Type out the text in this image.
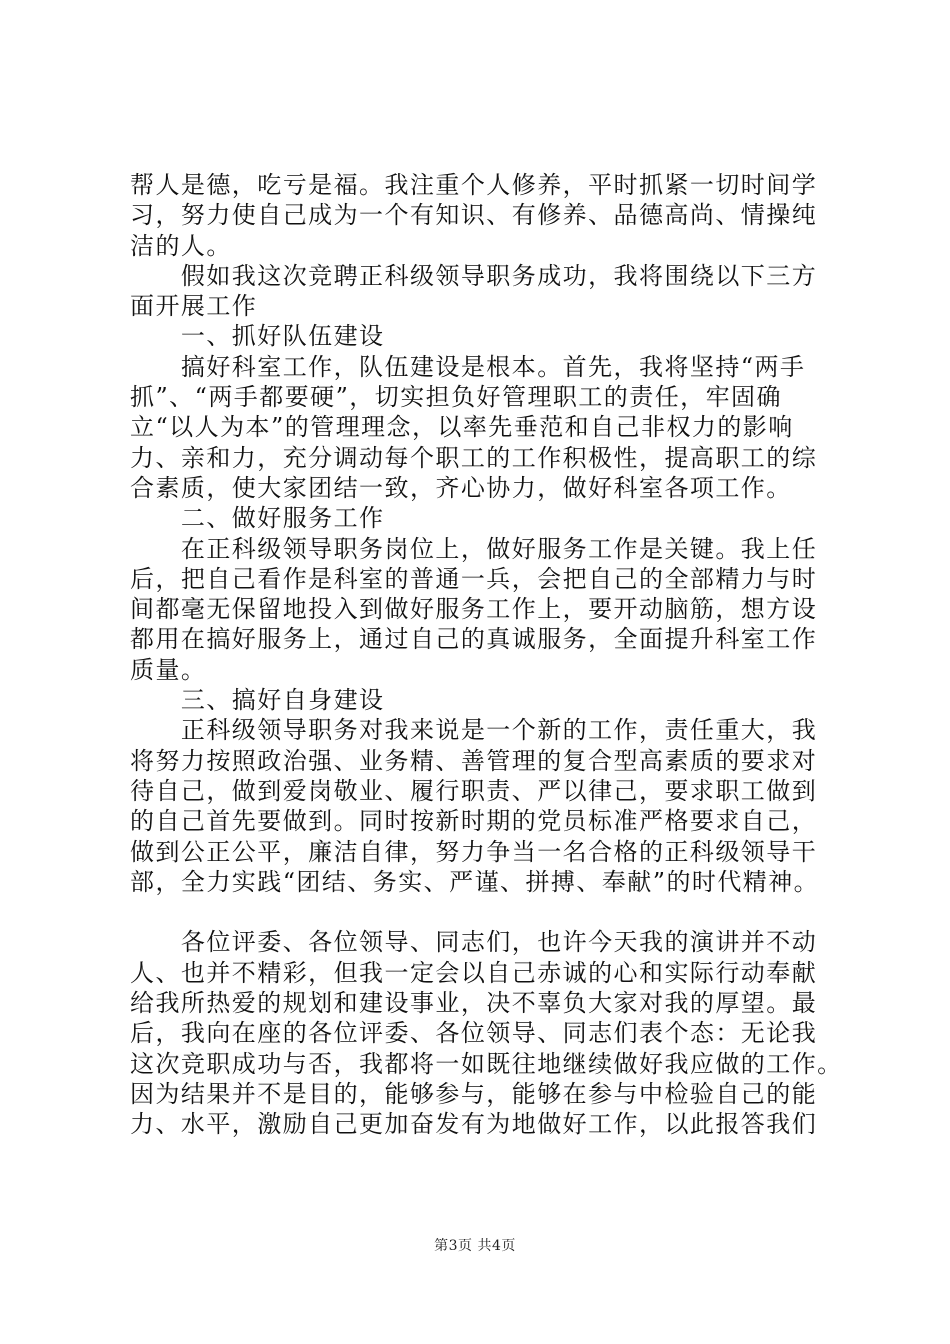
帮人是德，吃亏是福。我注重个人修养，平时抓紧一切时间学
习，努力使自己成为一个有知识、有修养、品德高尚、情操纯
洁的人。
　　假如我这次竞聘正科级领导职务成功，我将围绕以下三方
面开展工作
　　一、抓好队伍建设
　　搞好科室工作，队伍建设是根本。首先，我将坚持“两手
抓”、“两手都要硬”，切实担负好管理职工的责任，牢固确
立“以人为本”的管理理念，以率先垂范和自己非权力的影响
力、亲和力，充分调动每个职工的工作积极性，提高职工的综
合素质，使大家团结一致，齐心协力，做好科室各项工作。
　　二、做好服务工作
　　在正科级领导职务岗位上，做好服务工作是关键。我上任
后，把自己看作是科室的普通一兵，会把自己的全部精力与时
间都毫无保留地投入到做好服务工作上，要开动脑筋，想方设
都用在搞好服务上，通过自己的真诚服务，全面提升科室工作
质量。
　　三、搞好自身建设
　　正科级领导职务对我来说是一个新的工作，责任重大，我
将努力按照政治强、业务精、善管理的复合型高素质的要求对
待自己，做到爱岗敬业、履行职责、严以律己，要求职工做到
的自己首先要做到。同时按新时期的党员标准严格要求自己，
做到公正公平，廉洁自律，努力争当一名合格的正科级领导干
部，全力实践“团结、务实、严谨、拼搏、奉献”的时代精神。
　　各位评委、各位领导、同志们，也许今天我的演讲并不动
人、也并不精彩，但我一定会以自己赤诚的心和实际行动奉献
给我所热爱的规划和建设事业，决不辜负大家对我的厚望。最
后，我向在座的各位评委、各位领导、同志们表个态：无论我
这次竞职成功与否，我都将一如既往地继续做好我应做的工作。
因为结果并不是目的，能够参与，能够在参与中检验自己的能
力、水平，激励自己更加奋发有为地做好工作，以此报答我们
第3页 共4页
